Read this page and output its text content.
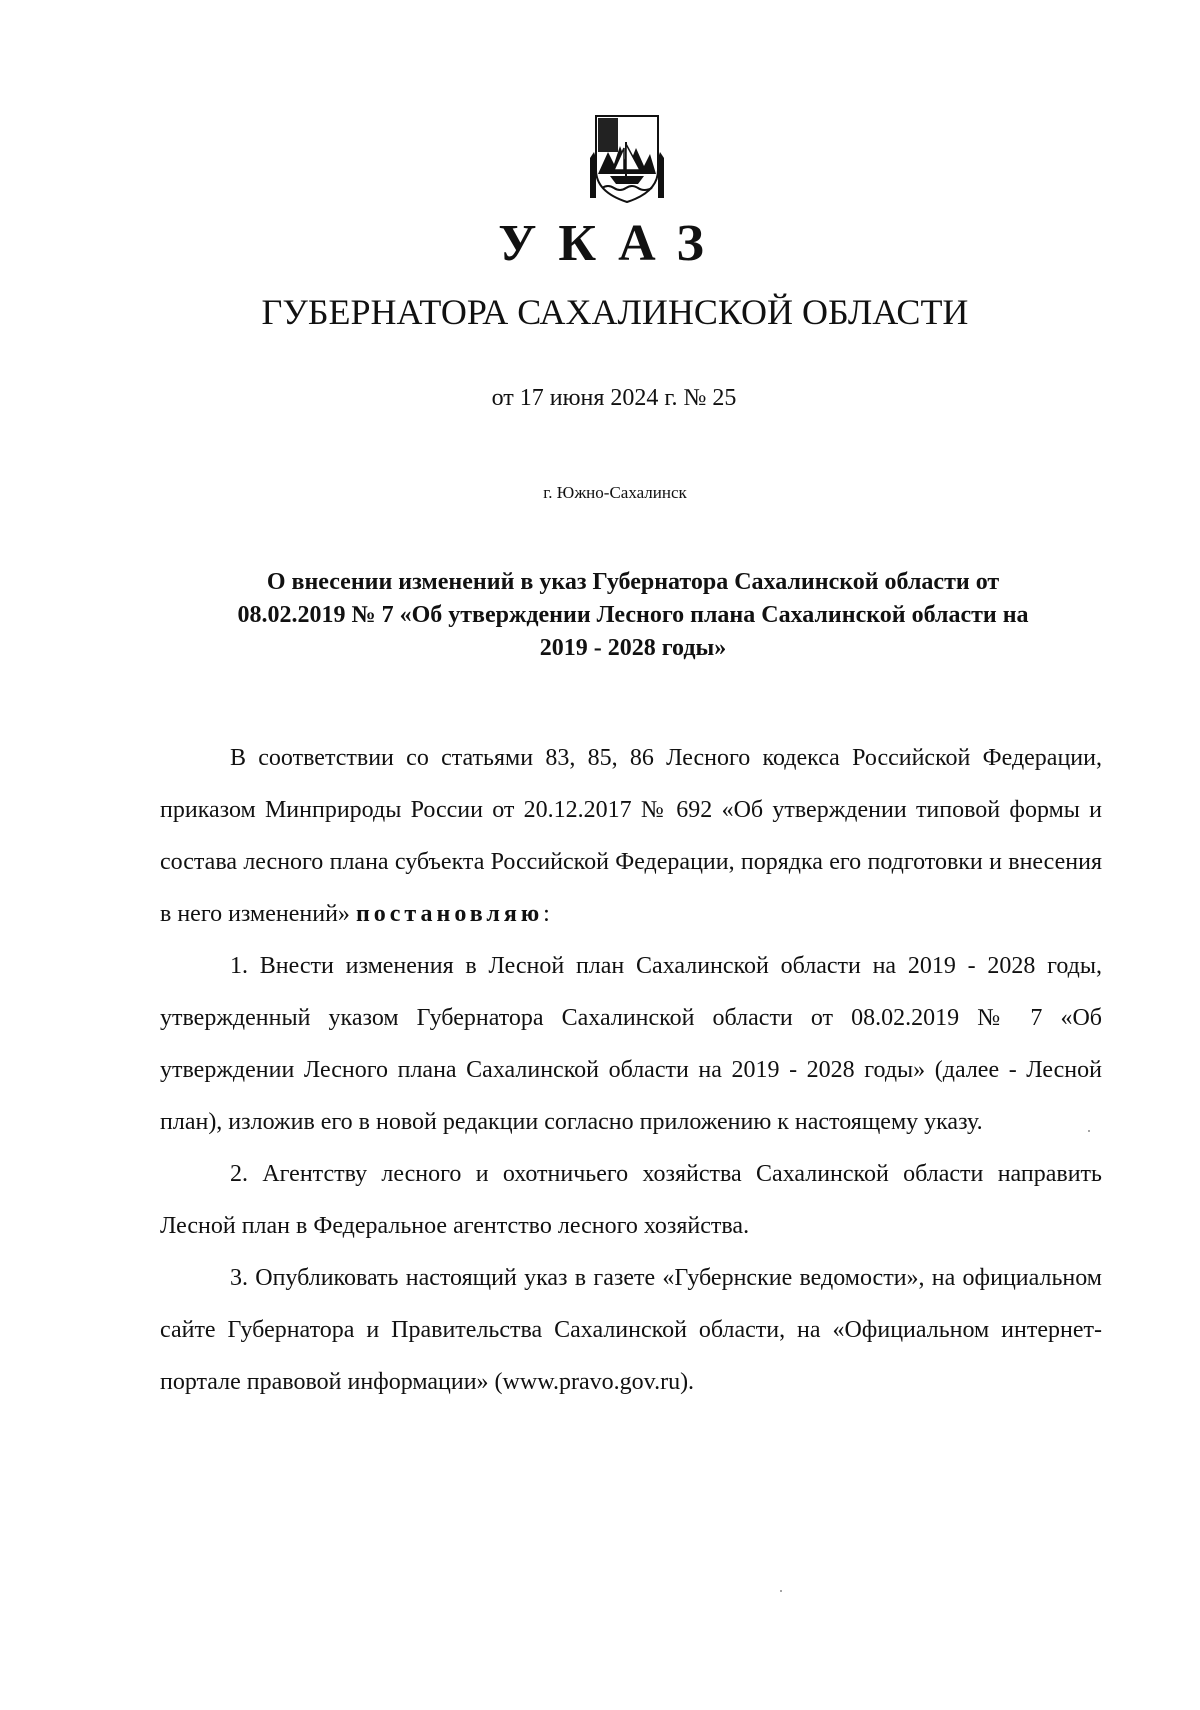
УКАЗ
ГУБЕРНАТОРА САХАЛИНСКОЙ ОБЛАСТИ
от 17 июня 2024 г. № 25
г. Южно-Сахалинск
О внесении изменений в указ Губернатора Сахалинской области от
08.02.2019 № 7 «Об утверждении Лесного плана Сахалинской области на
2019 - 2028 годы»

В соответствии со статьями 83, 85, 86 Лесного кодекса Российской Федерации, приказом Минприроды России от 20.12.2017 № 692 «Об утверждении типовой формы и состава лесного плана субъекта Российской Федерации, порядка его подготовки и внесения в него изменений» постановляю:

1. Внести изменения в Лесной план Сахалинской области на 2019 - 2028 годы, утвержденный указом Губернатора Сахалинской области от 08.02.2019 № 7 «Об утверждении Лесного плана Сахалинской области на 2019 - 2028 годы» (далее - Лесной план), изложив его в новой редакции согласно приложению к настоящему указу.

2. Агентству лесного и охотничьего хозяйства Сахалинской области направить Лесной план в Федеральное агентство лесного хозяйства.

3. Опубликовать настоящий указ в газете «Губернские ведомости», на официальном сайте Губернатора и Правительства Сахалинской области, на «Официальном интернет-портале правовой информации» (www.pravo.gov.ru).
